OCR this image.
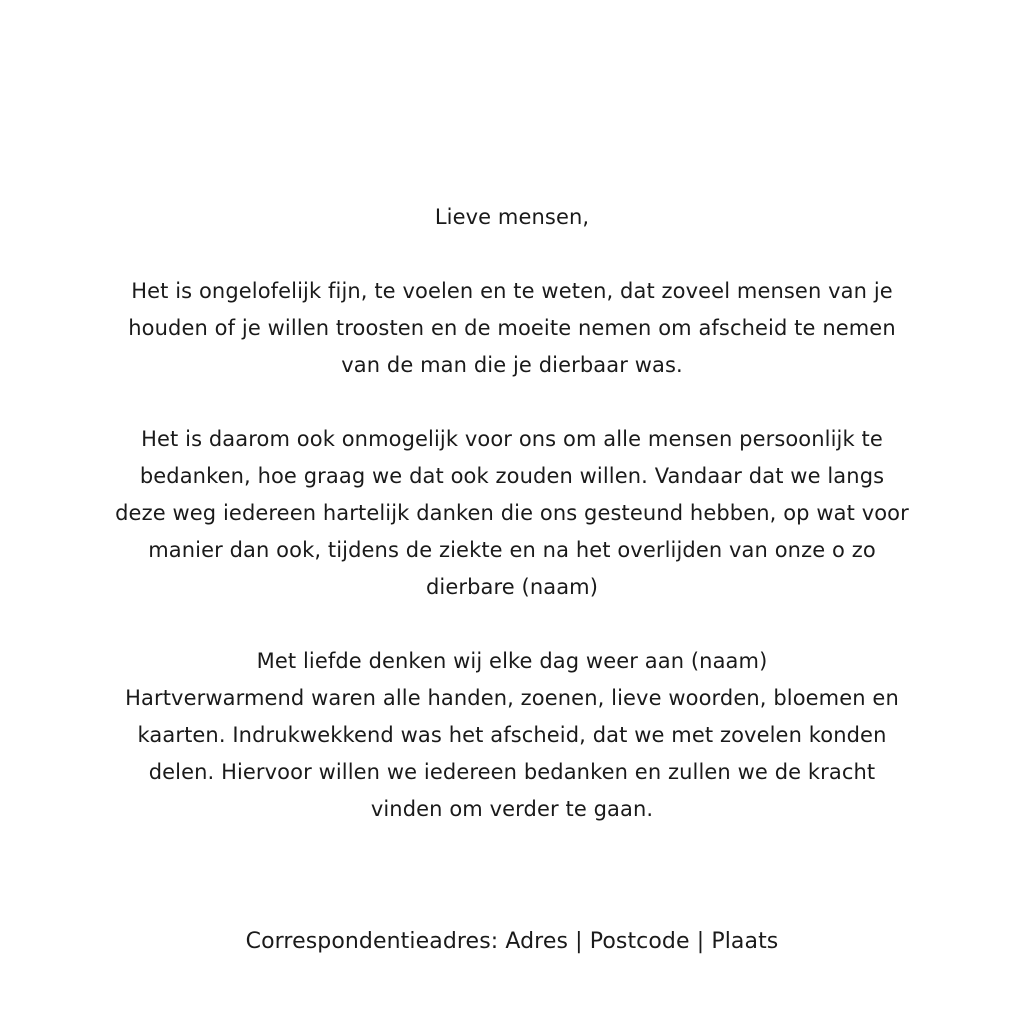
Lieve mensen,
Het is ongelofelijk fijn, te voelen en te weten, dat zoveel mensen van je
houden of je willen troosten en de moeite nemen om afscheid te nemen
van de man die je dierbaar was.
Het is daarom ook onmogelijk voor ons om alle mensen persoonlijk te
bedanken, hoe graag we dat ook zouden willen. Vandaar dat we langs
deze weg iedereen hartelijk danken die ons gesteund hebben, op wat voor
manier dan ook, tijdens de ziekte en na het overlijden van onze o zo
dierbare (naam)
Met liefde denken wij elke dag weer aan (naam)
Hartverwarmend waren alle handen, zoenen, lieve woorden, bloemen en
kaarten. Indrukwekkend was het afscheid, dat we met zovelen konden
delen. Hiervoor willen we iedereen bedanken en zullen we de kracht
vinden om verder te gaan.
Correspondentieadres: Adres | Postcode | Plaats
